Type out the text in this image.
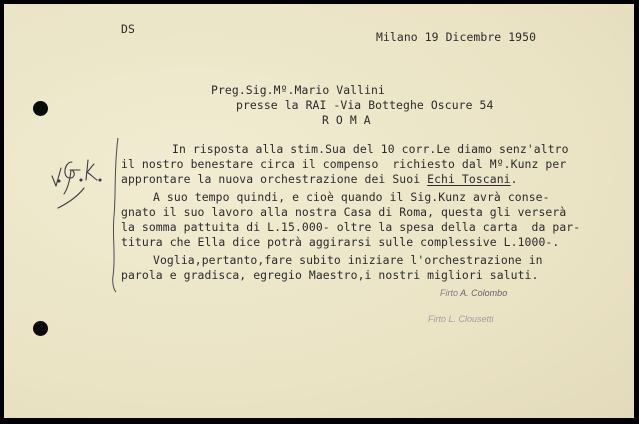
DS
Milano 19 Dicembre 1950
Preg.Sig.Mº.Mario Vallini
presse la RAI -Via Botteghe Oscure 54
R O M A
In risposta alla stim.Sua del 10 corr.Le diamo senz'altro
il nostro benestare circa il compenso  richiesto dal Mº.Kunz per
approntare la nuova orchestrazione dei Suoi Echi Toscani.
A suo tempo quindi, e cioè quando il Sig.Kunz avrà conse-
gnato il suo lavoro alla nostra Casa di Roma, questa gli verserà
la somma pattuita di L.15.000- oltre la spesa della carta  da par-
titura che Ella dice potrà aggirarsi sulle complessive L.1000-.
Voglia,pertanto,fare subito iniziare l'orchestrazione in
parola e gradisca, egregio Maestro,i nostri migliori saluti.
Firto A. Colombo
Firto L. Clousetti
